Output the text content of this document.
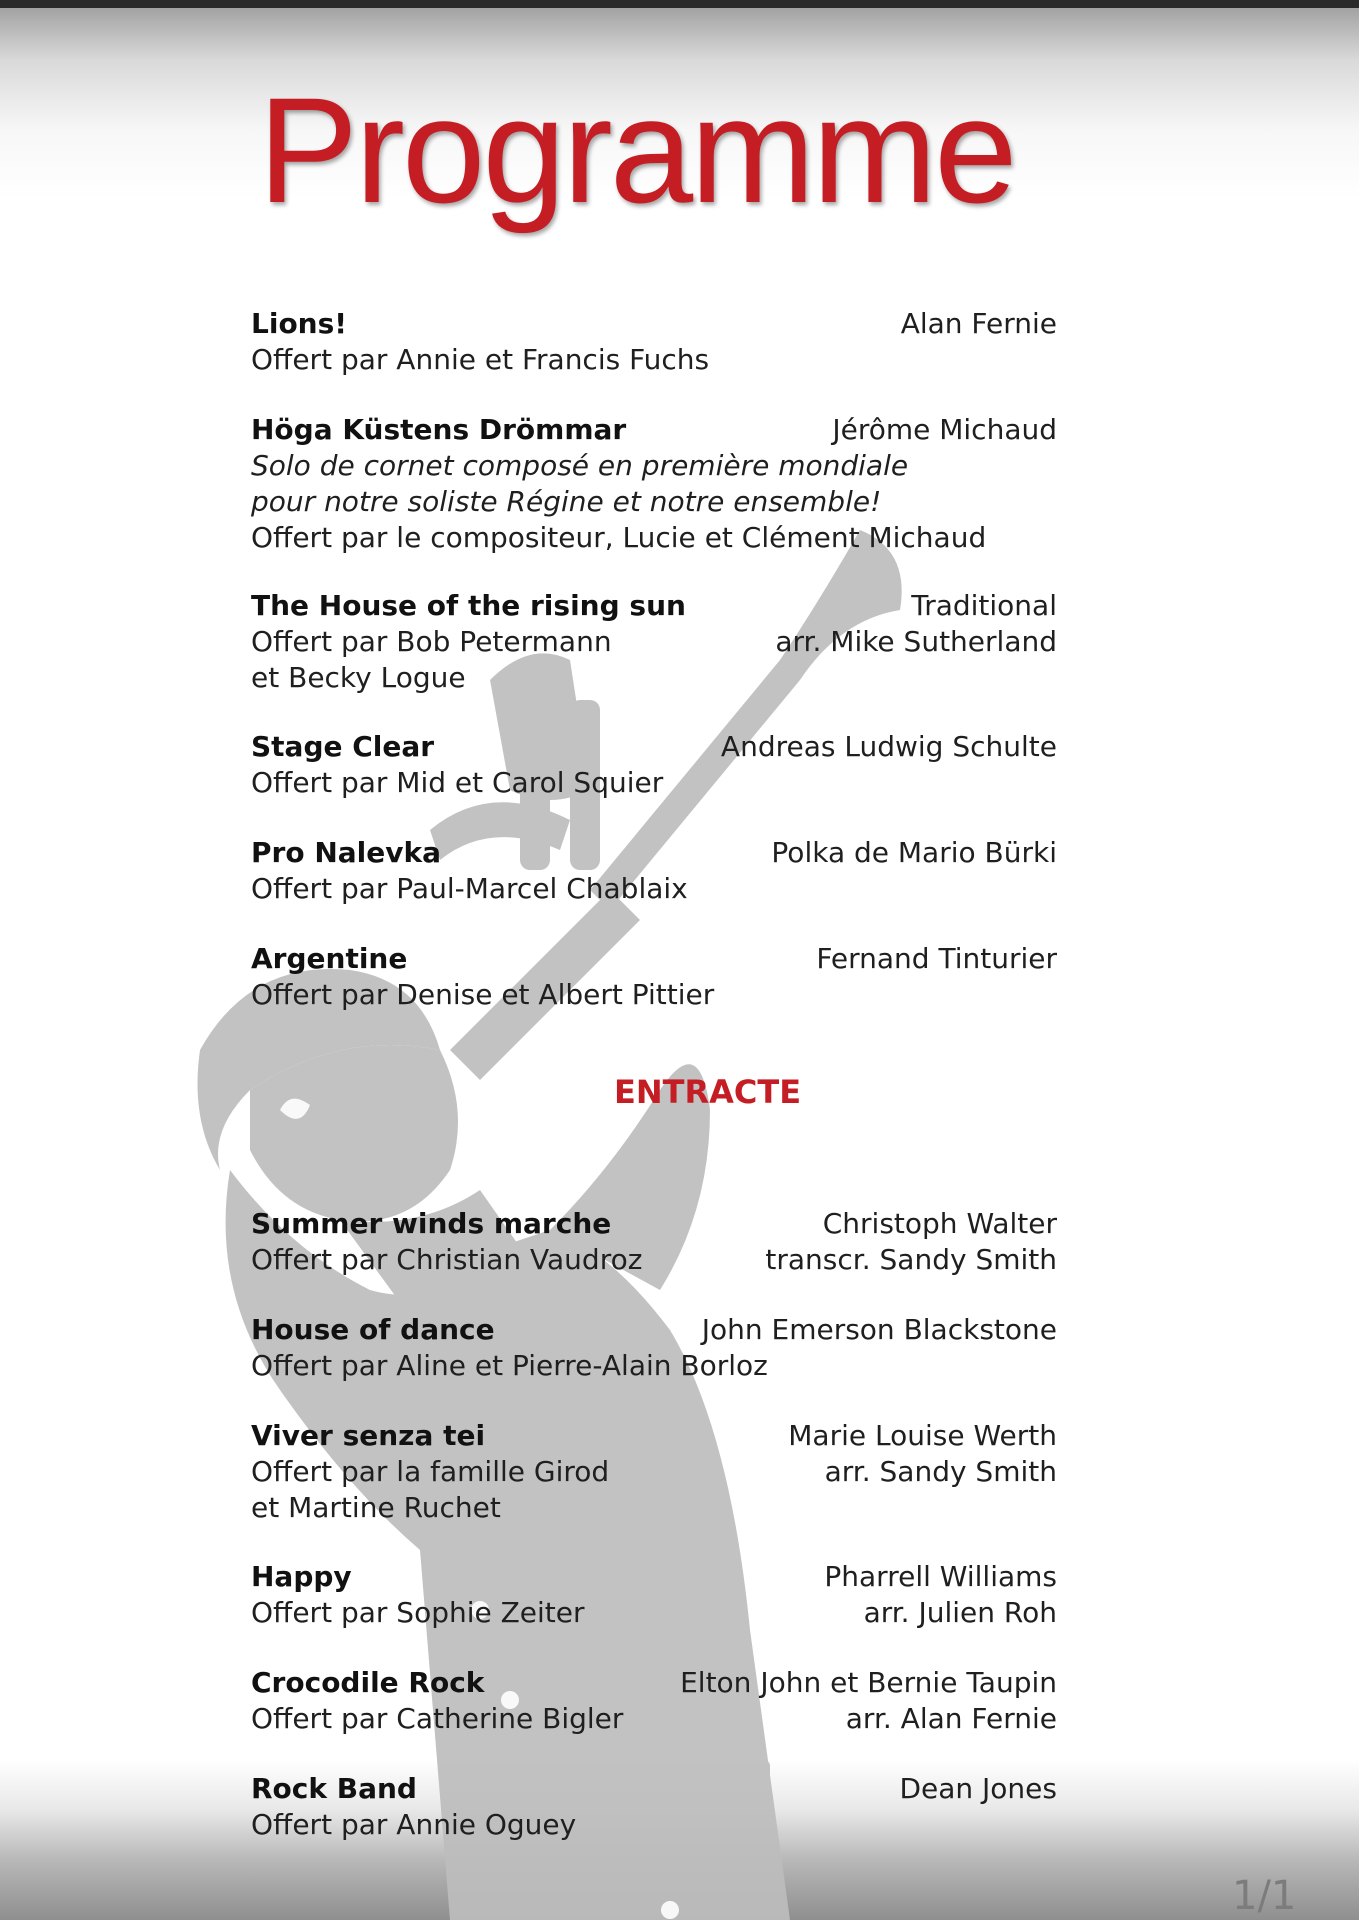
Programme
Lions!
Offert par Annie et Francis Fuchs
Alan Fernie
Höga Küstens Drömmar
Solo de cornet composé en première mondiale
pour notre soliste Régine et notre ensemble!
Offert par le compositeur, Lucie et Clément Michaud
Jérôme Michaud
The House of the rising sun
Offert par Bob Petermann
et Becky Logue
Traditional
arr. Mike Sutherland
Stage Clear
Offert par Mid et Carol Squier
Andreas Ludwig Schulte
Pro Nalevka
Offert par Paul-Marcel Chablaix
Polka de Mario Bürki
Argentine
Offert par Denise et Albert Pittier
Fernand Tinturier
ENTRACTE
Summer winds marche
Offert par Christian Vaudroz
Christoph Walter
transcr. Sandy Smith
House of dance
Offert par Aline et Pierre-Alain Borloz
John Emerson Blackstone
Viver senza tei
Offert par la famille Girod
et Martine Ruchet
Marie Louise Werth
arr. Sandy Smith
Happy
Offert par Sophie Zeiter
Pharrell Williams
arr. Julien Roh
Crocodile Rock
Offert par Catherine Bigler
Elton John et Bernie Taupin
arr. Alan Fernie
Rock Band
Offert par Annie Oguey
Dean Jones
1/1
